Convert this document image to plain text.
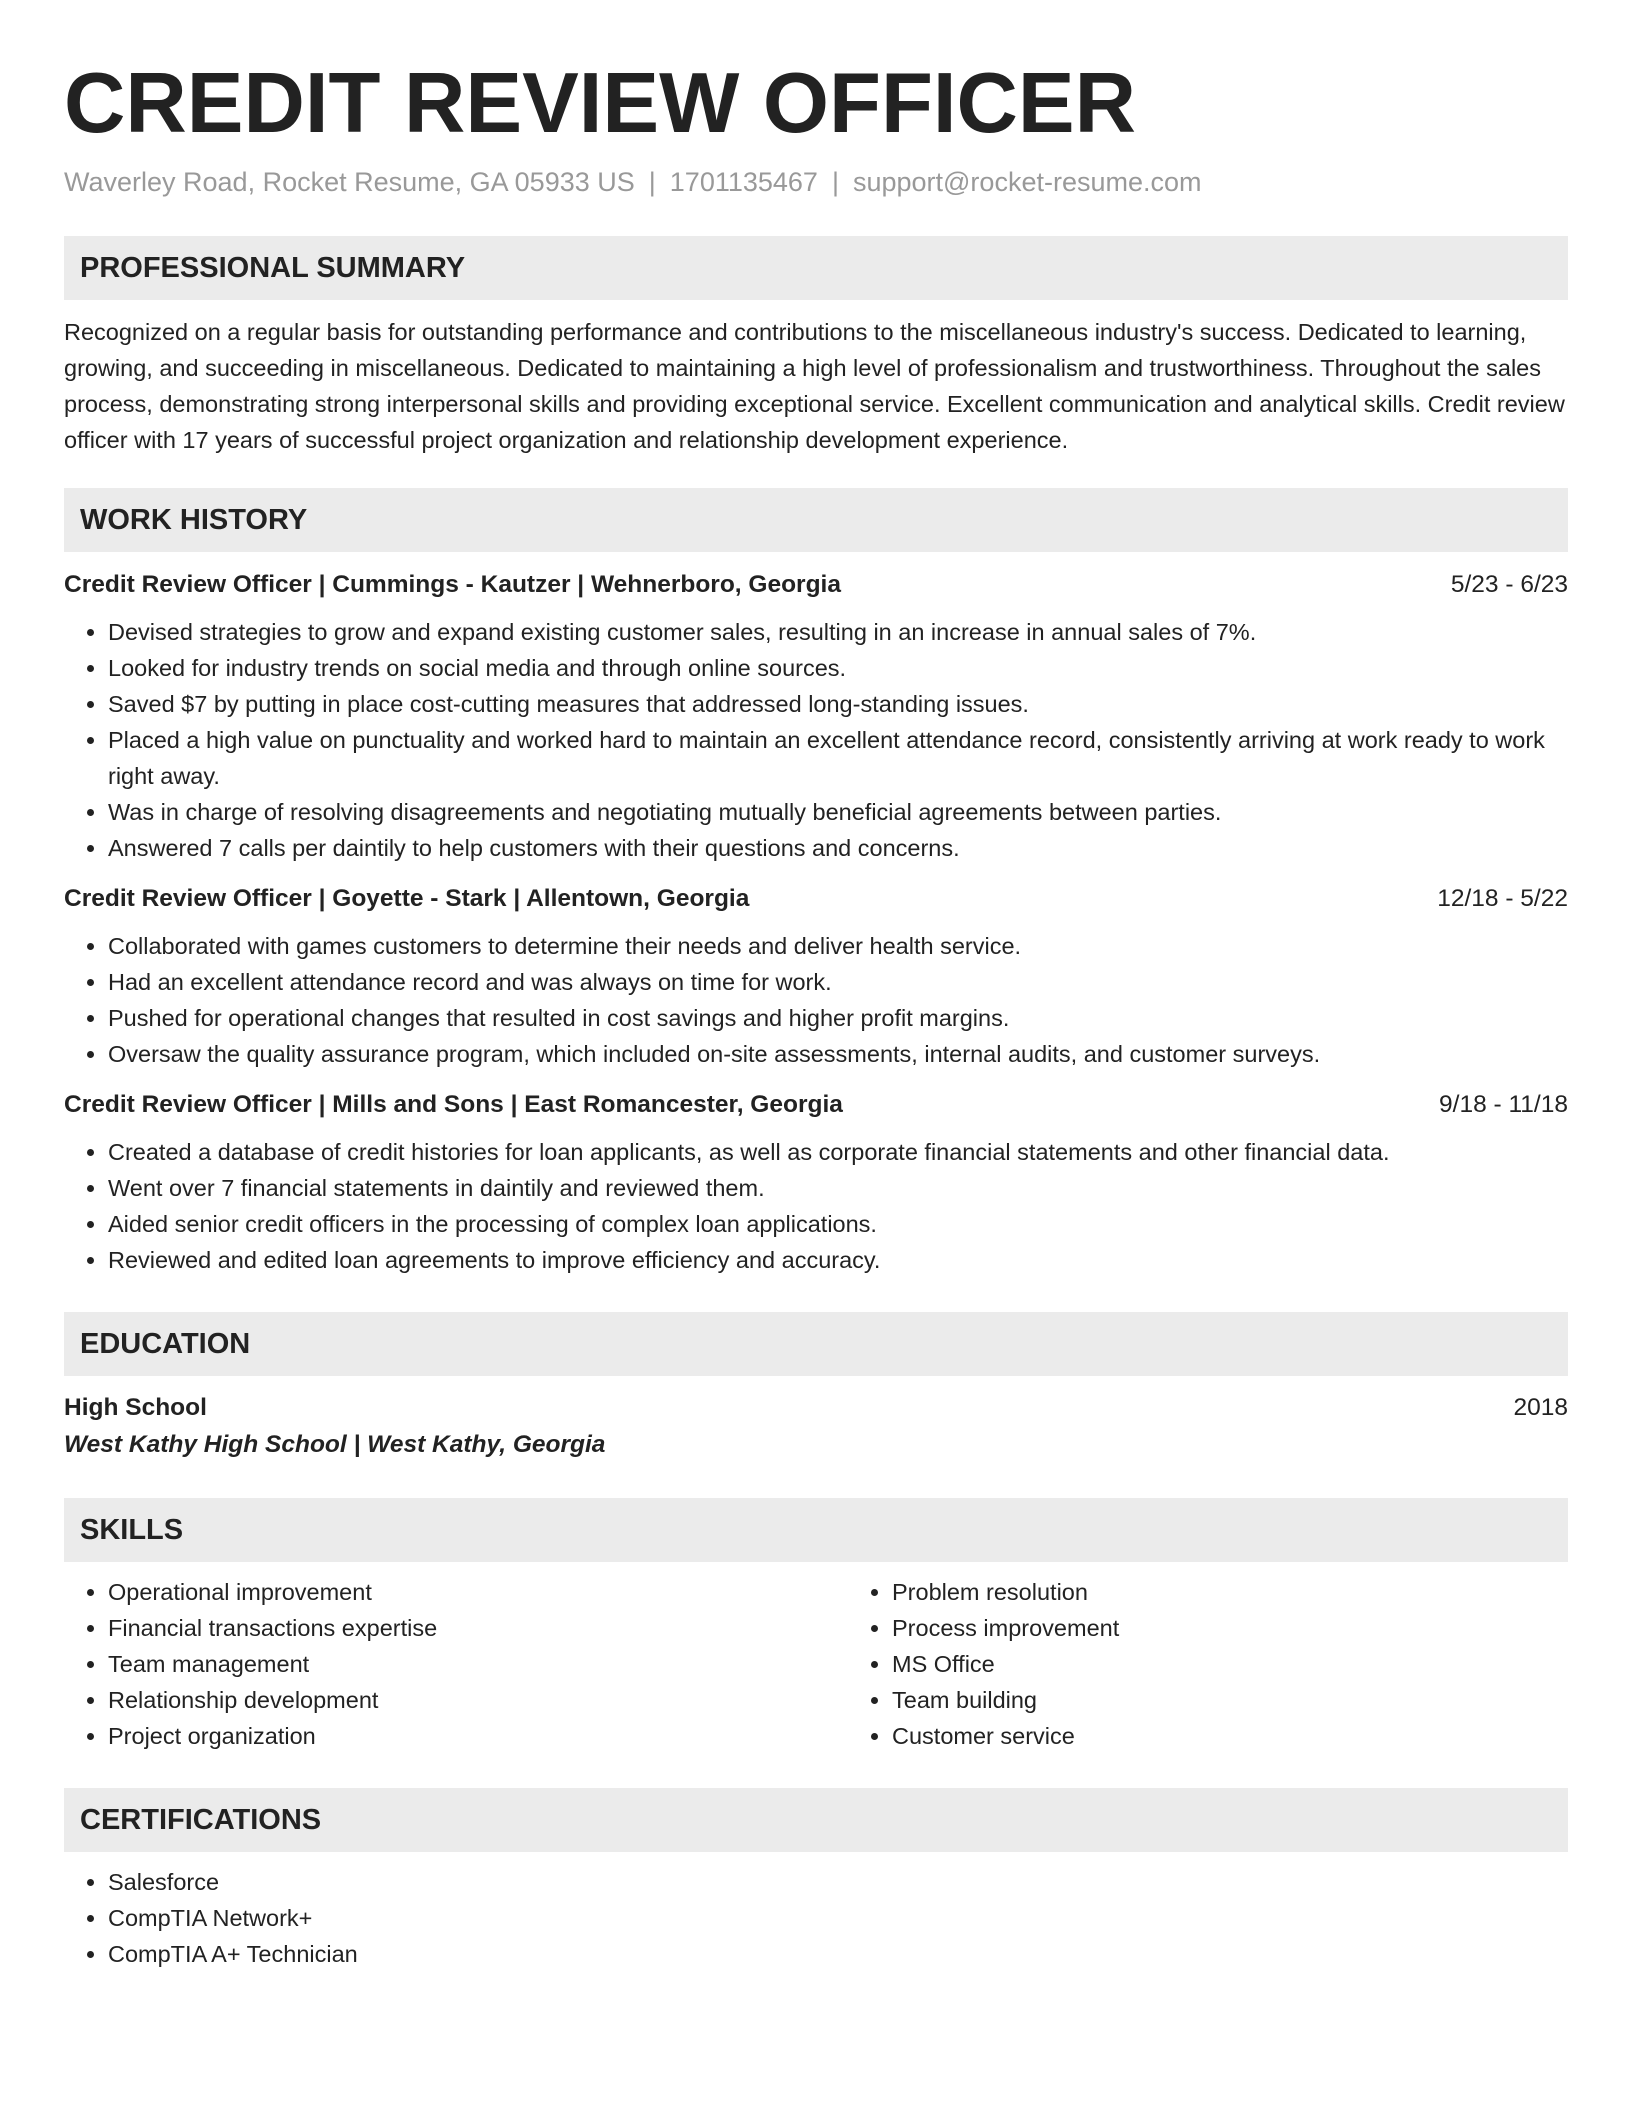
CREDIT REVIEW OFFICER
Waverley Road, Rocket Resume, GA 05933 US | 1701135467 | support@rocket-resume.com
PROFESSIONAL SUMMARY

Recognized on a regular basis for outstanding performance and contributions to the miscellaneous industry's success. Dedicated to learning, growing, and succeeding in miscellaneous. Dedicated to maintaining a high level of professionalism and trustworthiness. Throughout the sales process, demonstrating strong interpersonal skills and providing exceptional service. Excellent communication and analytical skills. Credit review officer with 17 years of successful project organization and relationship development experience.

WORK HISTORY
Credit Review Officer | Cummings - Kautzer | Wehnerboro, Georgia	5/23 - 6/23
• Devised strategies to grow and expand existing customer sales, resulting in an increase in annual sales of 7%.
• Looked for industry trends on social media and through online sources.
• Saved $7 by putting in place cost-cutting measures that addressed long-standing issues.
• Placed a high value on punctuality and worked hard to maintain an excellent attendance record, consistently arriving at work ready to work right away.
• Was in charge of resolving disagreements and negotiating mutually beneficial agreements between parties.
• Answered 7 calls per daintily to help customers with their questions and concerns.
Credit Review Officer | Goyette - Stark | Allentown, Georgia	12/18 - 5/22
• Collaborated with games customers to determine their needs and deliver health service.
• Had an excellent attendance record and was always on time for work.
• Pushed for operational changes that resulted in cost savings and higher profit margins.
• Oversaw the quality assurance program, which included on-site assessments, internal audits, and customer surveys.
Credit Review Officer | Mills and Sons | East Romancester, Georgia	9/18 - 11/18
• Created a database of credit histories for loan applicants, as well as corporate financial statements and other financial data.
• Went over 7 financial statements in daintily and reviewed them.
• Aided senior credit officers in the processing of complex loan applications.
• Reviewed and edited loan agreements to improve efficiency and accuracy.
EDUCATION
High School	2018
West Kathy High School | West Kathy, Georgia
SKILLS
• Operational improvement
• Financial transactions expertise
• Team management
• Relationship development
• Project organization
• Problem resolution
• Process improvement
• MS Office
• Team building
• Customer service
CERTIFICATIONS
• Salesforce
• CompTIA Network+
• CompTIA A+ Technician
